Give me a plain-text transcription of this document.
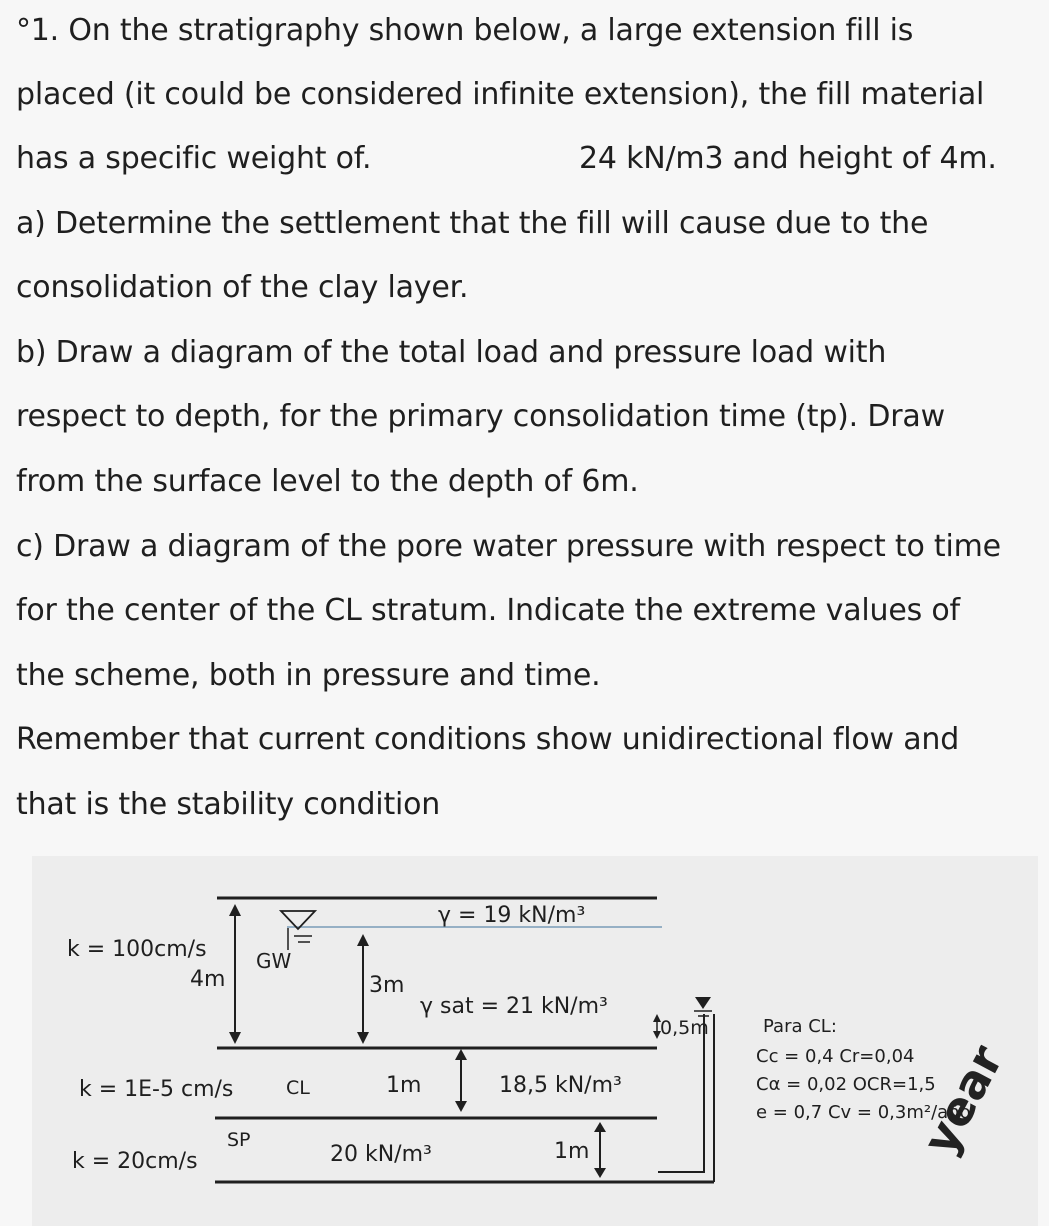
°1. On the stratigraphy shown below, a large extension fill is
placed (it could be considered infinite extension), the fill material
has a specific weight of.	24 kN/m3 and height of 4m.
a) Determine the settlement that the fill will cause due to the
consolidation of the clay layer.
b) Draw a diagram of the total load and pressure load with
respect to depth, for the primary consolidation time (tp). Draw
from the surface level to the depth of 6m.
c) Draw a diagram of the pore water pressure with respect to time
for the center of the CL stratum. Indicate the extreme values of
the scheme, both in pressure and time.
Remember that current conditions show unidirectional flow and
that is the stability condition
k = 100cm/s
4m
GW
γ = 19 kN/m³
γ sat = 21 kN/m³
3m
k = 1E-5 cm/s	CL	1m	18,5 kN/m³
k = 20cm/s
SP
20 kN/m³	1m
0,5m	Para CL:
Cc = 0,4 Cr=0,04
Cα = 0,02 OCR=1,5
e = 0,7 Cv = 0,3m²/año
year
